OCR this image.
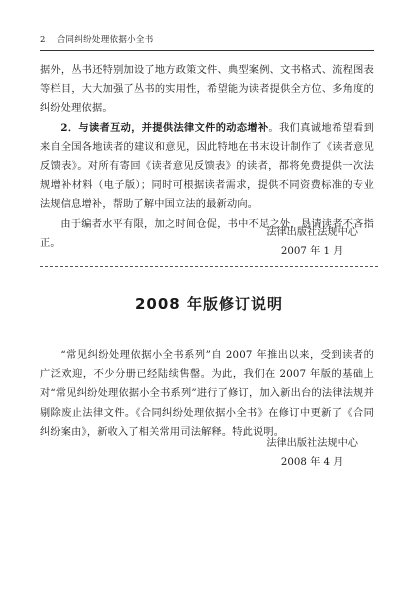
2 合同纠纷处理依据小全书

据外，丛书还特别加设了地方政策文件、典型案例、文书格式、流程图表等栏目，大大加强了丛书的实用性，希望能为读者提供全方位、多角度的纠纷处理依据。

2．与读者互动，并提供法律文件的动态增补。我们真诚地希望看到来自全国各地读者的建议和意见，因此特地在书末设计制作了《读者意见反馈表》。对所有寄回《读者意见反馈表》的读者，都将免费提供一次法规增补材料（电子版）；同时可根据读者需求，提供不同资费标准的专业法规信息增补，帮助了解中国立法的最新动向。

由于编者水平有限，加之时间仓促，书中不足之处，恳请读者不吝指正。

法律出版社法规中心
2007 年 1 月
2008 年版修订说明

“常见纠纷处理依据小全书系列”自 2007 年推出以来，受到读者的广泛欢迎，不少分册已经陆续售罄。为此，我们在 2007 年版的基础上对“常见纠纷处理依据小全书系列”进行了修订，加入新出台的法律法规并剔除废止法律文件。《合同纠纷处理依据小全书》在修订中更新了《合同纠纷案由》，新收入了相关常用司法解释。特此说明。

法律出版社法规中心
2008 年 4 月
